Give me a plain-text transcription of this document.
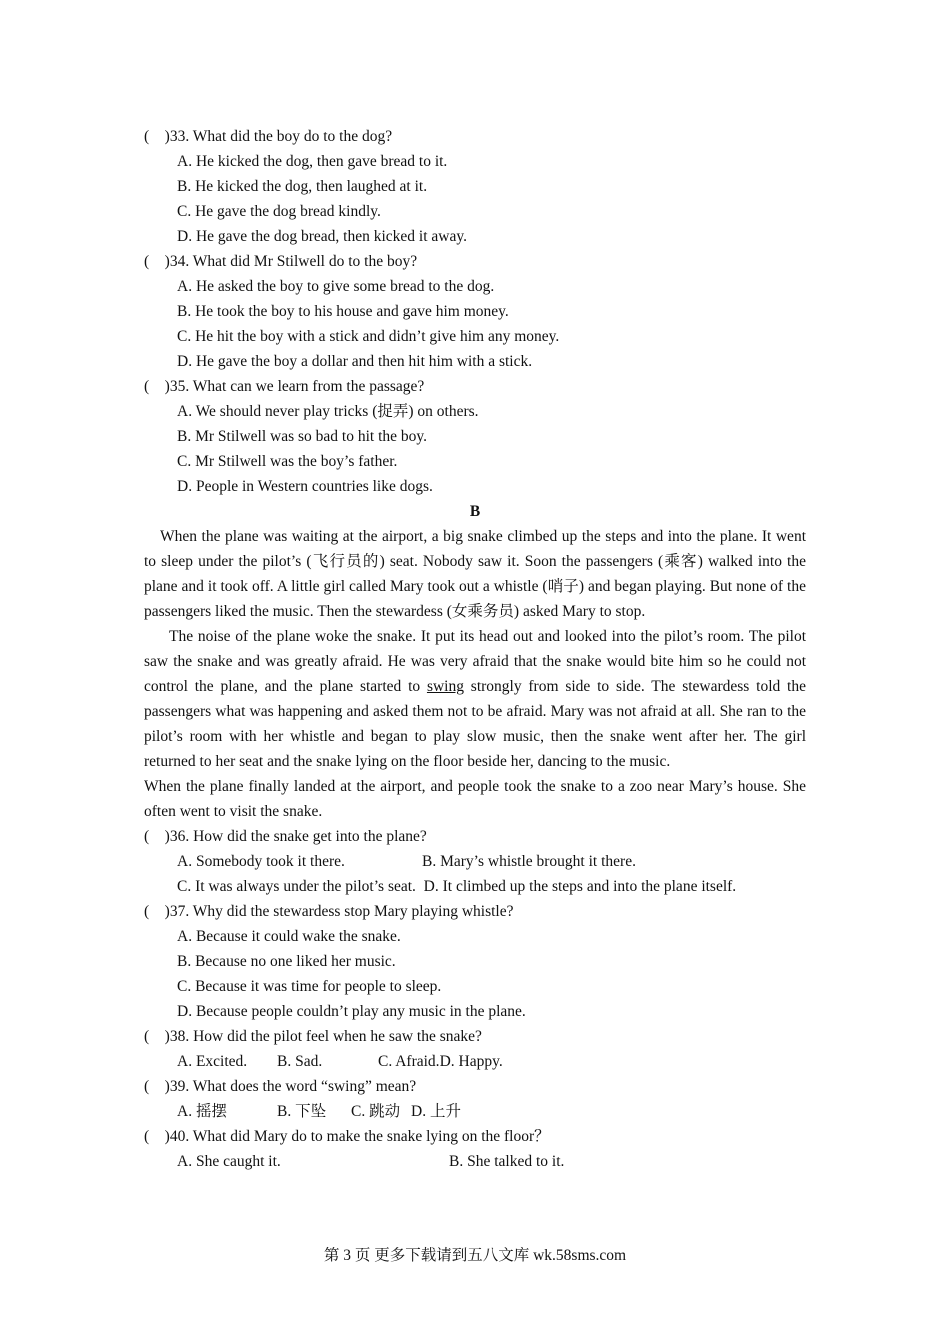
(    )33. What did the boy do to the dog?
A. He kicked the dog, then gave bread to it.
B. He kicked the dog, then laughed at it.
C. He gave the dog bread kindly.
D. He gave the dog bread, then kicked it away.
(    )34. What did Mr Stilwell do to the boy?
A. He asked the boy to give some bread to the dog.
B. He took the boy to his house and gave him money.
C. He hit the boy with a stick and didn’t give him any money.
D. He gave the boy a dollar and then hit him with a stick.
(    )35. What can we learn from the passage?
A. We should never play tricks (捉弄) on others.
B. Mr Stilwell was so bad to hit the boy.
C. Mr Stilwell was the boy’s father.
D. People in Western countries like dogs.
B
When the plane was waiting at the airport, a big snake climbed up the steps and into the plane. It went to sleep under the pilot’s (飞行员的) seat. Nobody saw it. Soon the passengers (乘客) walked into the plane and it took off. A little girl called Mary took out a whistle (哨子) and began playing. But none of the passengers liked the music. Then the stewardess (女乘务员) asked Mary to stop.
The noise of the plane woke the snake. It put its head out and looked into the pilot’s room. The pilot saw the snake and was greatly afraid. He was very afraid that the snake would bite him so he could not control the plane, and the plane started to swing strongly from side to side. The stewardess told the passengers what was happening and asked them not to be afraid. Mary was not afraid at all. She ran to the pilot’s room with her whistle and began to play slow music, then the snake went after her. The girl returned to her seat and the snake lying on the floor beside her, dancing to the music.
When the plane finally landed at the airport, and people took the snake to a zoo near Mary’s house. She often went to visit the snake.
(    )36. How did the snake get into the plane?
A. Somebody took it there.	B. Mary’s whistle brought it there.
C. It was always under the pilot’s seat. D. It climbed up the steps and into the plane itself.
(    )37. Why did the stewardess stop Mary playing whistle?
A. Because it could wake the snake.
B. Because no one liked her music.
C. Because it was time for people to sleep.
D. Because people couldn’t play any music in the plane.
(    )38. How did the pilot feel when he saw the snake?
A. Excited. B. Sad.	C. Afraid.D. Happy.
(    )39. What does the word “swing” mean?
A. 摇摆	B. 下坠 C. 跳动 D. 上升
(    )40. What did Mary do to make the snake lying on the floor？
A. She caught it.	B. She talked to it.
第 3 页 更多下载请到五八文库 wk.58sms.com
